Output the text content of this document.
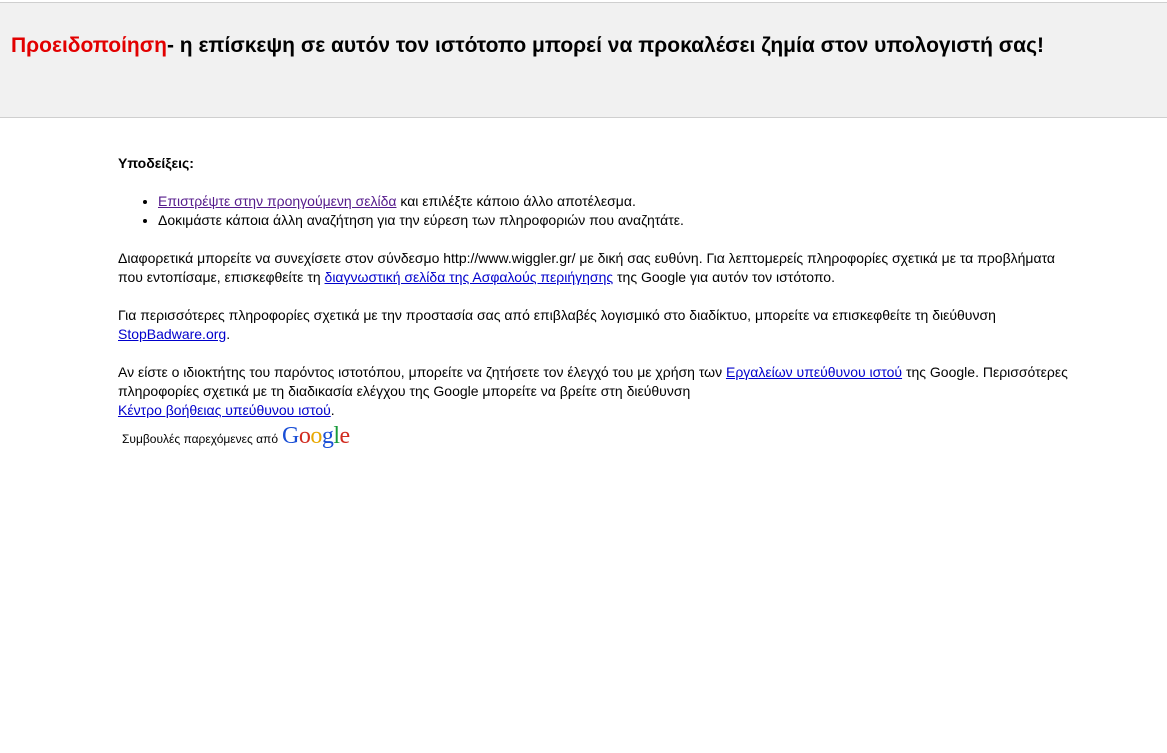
Προειδοποίηση- η επίσκεψη σε αυτόν τον ιστότοπο μπορεί να προκαλέσει ζημία στον υπολογιστή σας!
Υποδείξεις:
• Επιστρέψτε στην προηγούμενη σελίδα και επιλέξτε κάποιο άλλο αποτέλεσμα.
• Δοκιμάστε κάποια άλλη αναζήτηση για την εύρεση των πληροφοριών που αναζητάτε.

Διαφορετικά μπορείτε να συνεχίσετε στον σύνδεσμο http://www.wiggler.gr/ με δική σας ευθύνη. Για λεπτομερείς πληροφορίες σχετικά με τα προβλήματα που εντοπίσαμε, επισκεφθείτε τη διαγνωστική σελίδα της Ασφαλούς περιήγησης της Google για αυτόν τον ιστότοπο.

Για περισσότερες πληροφορίες σχετικά με την προστασία σας από επιβλαβές λογισμικό στο διαδίκτυο, μπορείτε να επισκεφθείτε τη διεύθυνση StopBadware.org.

Αν είστε ο ιδιοκτήτης του παρόντος ιστοτόπου, μπορείτε να ζητήσετε τον έλεγχό του με χρήση των Εργαλείων υπεύθυνου ιστού της Google. Περισσότερες πληροφορίες σχετικά με τη διαδικασία ελέγχου της Google μπορείτε να βρείτε στη διεύθυνση
Κέντρο βοήθειας υπεύθυνου ιστού.

Συμβουλές παρεχόμενες από Google
